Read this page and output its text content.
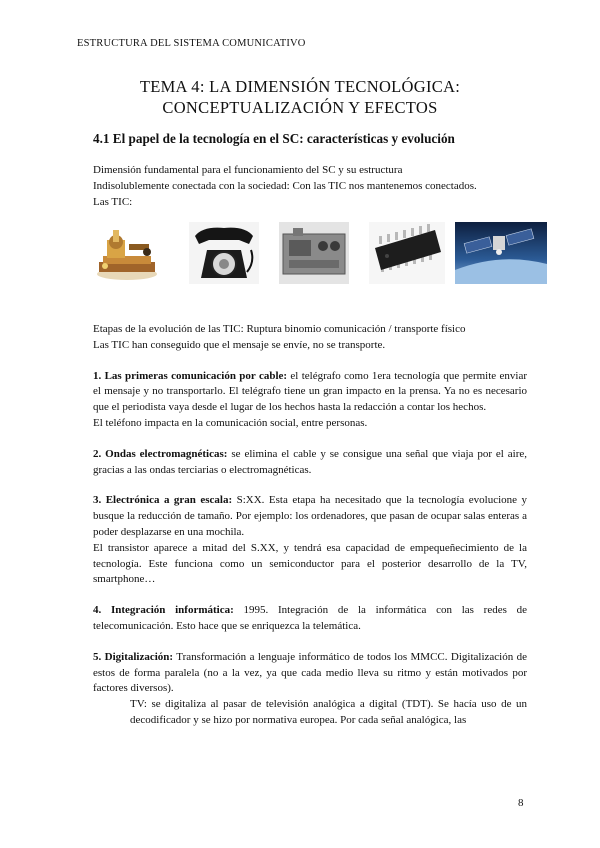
ESTRUCTURA DEL SISTEMA COMUNICATIVO
TEMA 4: LA DIMENSIÓN TECNOLÓGICA:
CONCEPTUALIZACIÓN Y EFECTOS
4.1 El papel de la tecnología en el SC: características y evolución

Dimensión fundamental para el funcionamiento del SC y su estructura

Indisolublemente conectada con la sociedad: Con las TIC nos mantenemos conectados.

Las TIC:

Etapas de la evolución de las TIC: Ruptura binomio comunicación / transporte físico

Las TIC han conseguido que el mensaje se envíe, no se transporte.

1. Las primeras comunicación por cable: el telégrafo como 1era tecnología que permite enviar el mensaje y no transportarlo. El telégrafo tiene un gran impacto en la prensa. Ya no es necesario que el periodista vaya desde el lugar de los hechos hasta la redacción a contar los hechos.

El teléfono impacta en la comunicación social, entre personas.

2. Ondas electromagnéticas: se elimina el cable y se consigue una señal que viaja por el aire, gracias a las ondas terciarias o electromagnéticas.

3. Electrónica a gran escala: S:XX. Esta etapa ha necesitado que la tecnología evolucione y busque la reducción de tamaño. Por ejemplo: los ordenadores, que pasan de ocupar salas enteras a poder desplazarse en una mochila.

El transistor aparece a mitad del S.XX, y tendrá esa capacidad de empequeñecimiento de la tecnología. Este funciona como un semiconductor para el posterior desarrollo de la TV, smartphone…

4. Integración informática: 1995. Integración de la informática con las redes de telecomunicación. Esto hace que se enriquezca la telemática.

5. Digitalización: Transformación a lenguaje informático de todos los MMCC. Digitalización de estos de forma paralela (no a la vez, ya que cada medio lleva su ritmo y están motivados por factores diversos).

TV: se digitaliza al pasar de televisión analógica a digital (TDT). Se hacía uso de un decodificador y se hizo por normativa europea. Por cada señal analógica, las

8
